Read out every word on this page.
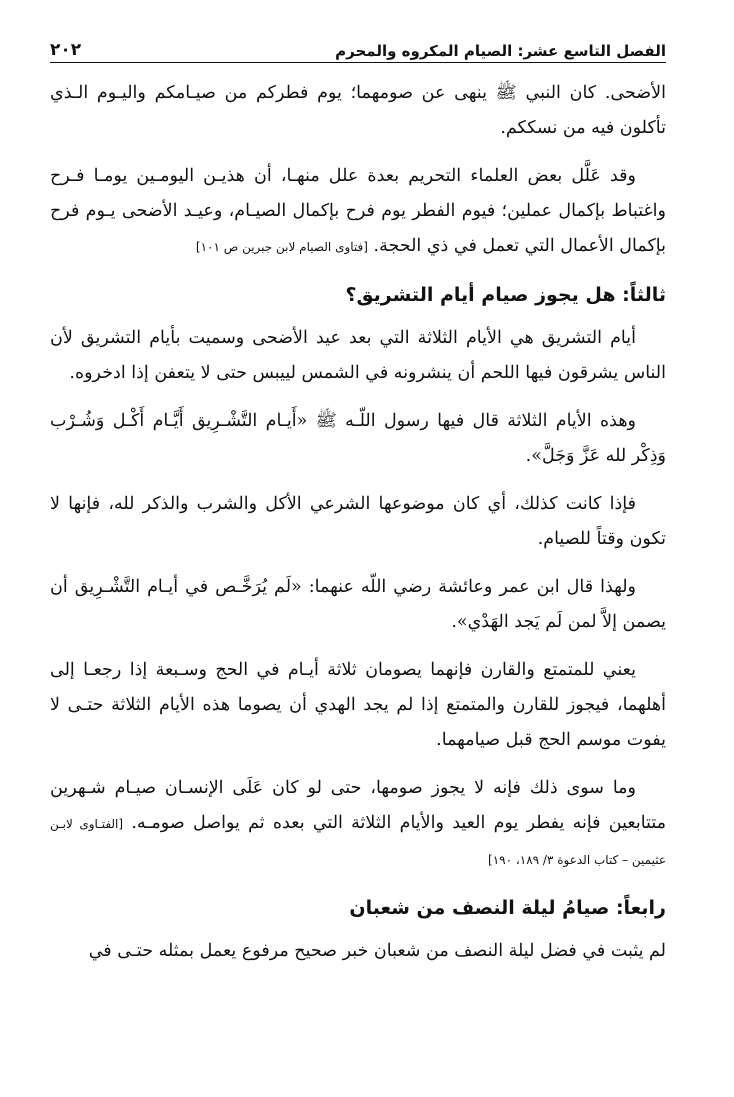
الفصل التاسع عشر: الصيام المكروه والمحرم
٢٠٢

الأضحى. كان النبي ﷺ ينهى عن صومهما؛ يوم فطركم من صيـامكم واليـوم الـذي تأكلون فيه من نسككم.

وقد عَلَّل بعض العلماء التحريم بعدة علل منهـا، أن هذيـن اليومـين يومـا فـرح واغتباط بإكمال عملين؛ فيوم الفطر يوم فرح بإكمال الصيـام، وعيـد الأضحى يـوم فرح بإكمال الأعمال التي تعمل في ذي الحجة. [فتاوى الصيام لابن جبرين ص ١٠١]

ثالثاً: هل يجوز صيام أيام التشريق؟

أيام التشريق هي الأيام الثلاثة التي بعد عيد الأضحى وسميت بأيام التشريق لأن الناس يشرقون فيها اللحم أن ينشرونه في الشمس لييبس حتى لا يتعفن إذا ادخروه.

وهذه الأيام الثلاثة قال فيها رسول اللّـه ﷺ «أَيـام التَّشْـرِيق أَيَّـام أَكْـل وَشُـرْب وَذِكْر لله عَزَّ وَجَلَّ».

فإذا كانت كذلك، أي كان موضوعها الشرعي الأكل والشرب والذكر لله، فإنها لا تكون وقتاً للصيام.

ولهذا قال ابن عمر وعائشة رضي اللّه عنهما: «لَم يُرَخَّـص في أيـام التَّشْـرِيق أن يصمن إلاَّ لمن لَم يَجد الهَدْي».

يعني للمتمتع والقارن فإنهما يصومان ثلاثة أيـام في الحج وسـبعة إذا رجعـا إلى أهلهما، فيجوز للقارن والمتمتع إذا لم يجد الهدي أن يصوما هذه الأيام الثلاثة حتـى لا يفوت موسم الحج قبل صيامهما.

وما سوى ذلك فإنه لا يجوز صومها، حتى لو كان عَلَى الإنسـان صيـام شـهرين متتابعين فإنه يفطر يوم العيد والأيام الثلاثة التي بعده ثم يواصل صومـه. [الفتـاوى لابـن عثيمين – كتاب الدعوة ٣/ ١٨٩، ١٩٠]

رابعاً: صيامُ ليلة النصف من شعبان

لم يثبت في فضل ليلة النصف من شعبان خبر صحيح مرفوع يعمل بمثله حتـى في
